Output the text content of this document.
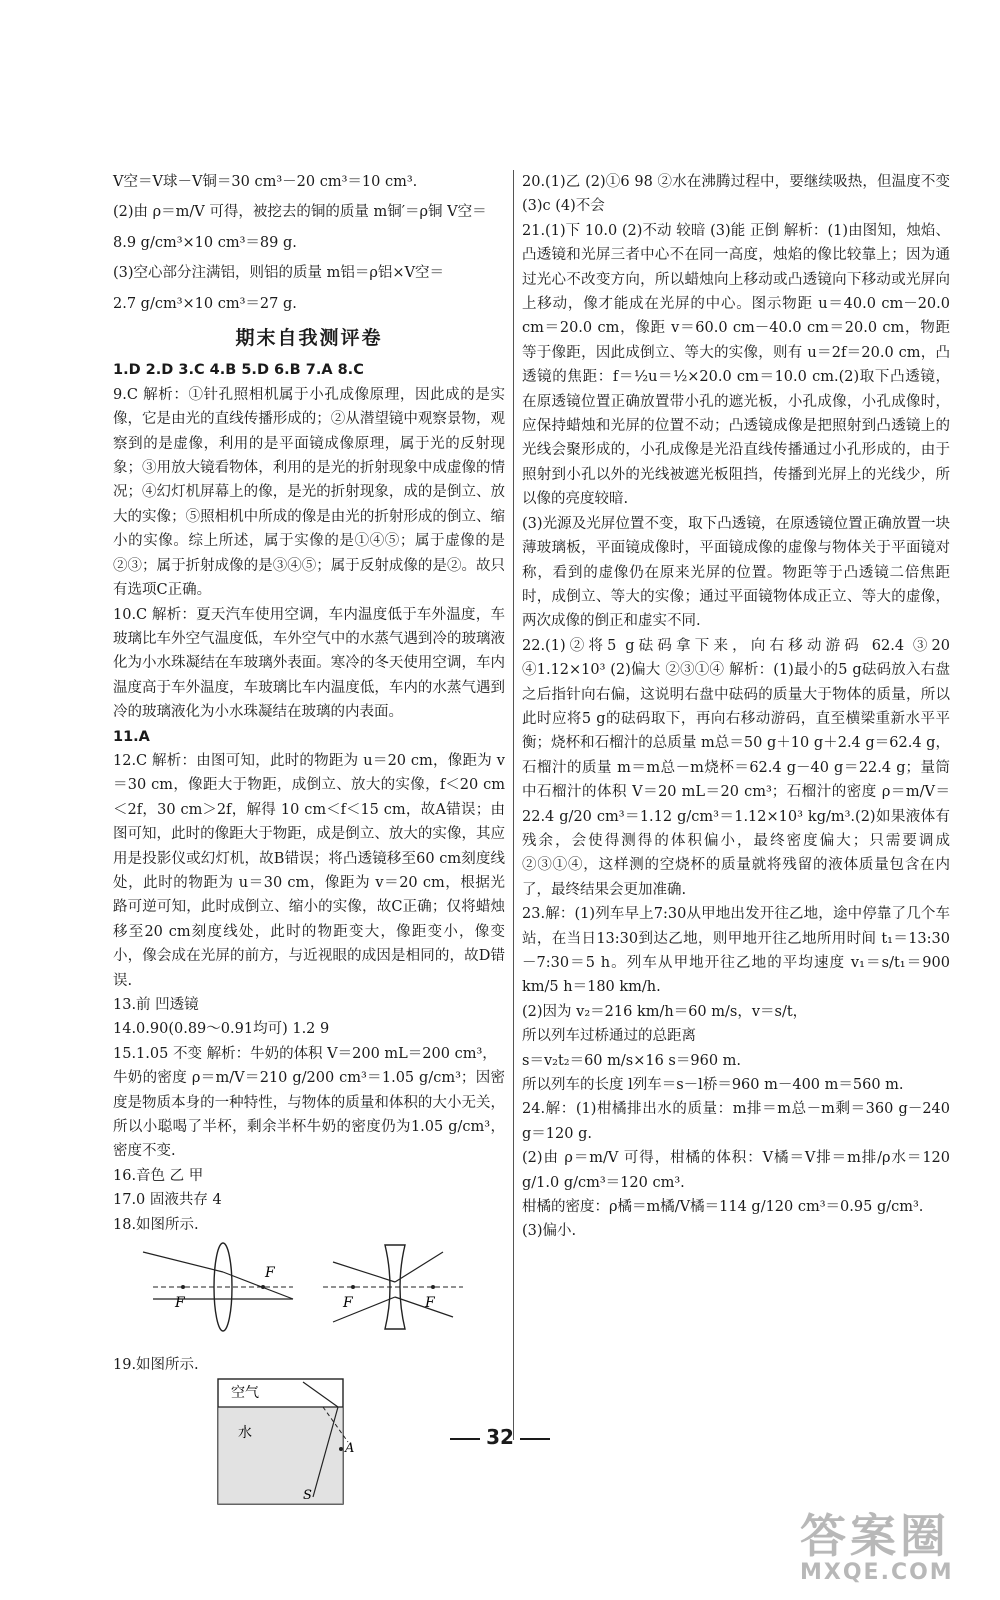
V空＝V球－V铜＝30 cm³－20 cm³＝10 cm³.

(2)由 ρ＝m/V 可得，被挖去的铜的质量 m铜′＝ρ铜 V空＝

8.9 g/cm³×10 cm³＝89 g.

(3)空心部分注满铝，则铝的质量 m铝＝ρ铝×V空＝

2.7 g/cm³×10 cm³＝27 g.

期末自我测评卷

1.D 2.D 3.C 4.B 5.D 6.B 7.A 8.C

9.C 解析：①针孔照相机属于小孔成像原理，因此成的是实像，它是由光的直线传播形成的；②从潜望镜中观察景物，观察到的是虚像，利用的是平面镜成像原理，属于光的反射现象；③用放大镜看物体，利用的是光的折射现象中成虚像的情况；④幻灯机屏幕上的像，是光的折射现象，成的是倒立、放大的实像；⑤照相机中所成的像是由光的折射形成的倒立、缩小的实像。综上所述，属于实像的是①④⑤；属于虚像的是②③；属于折射成像的是③④⑤；属于反射成像的是②。故只有选项C正确。

10.C 解析：夏天汽车使用空调，车内温度低于车外温度，车玻璃比车外空气温度低，车外空气中的水蒸气遇到冷的玻璃液化为小水珠凝结在车玻璃外表面。寒冷的冬天使用空调，车内温度高于车外温度，车玻璃比车内温度低，车内的水蒸气遇到冷的玻璃液化为小水珠凝结在玻璃的内表面。

11.A

12.C 解析：由图可知，此时的物距为 u＝20 cm，像距为 v＝30 cm，像距大于物距，成倒立、放大的实像，f＜20 cm＜2f，30 cm＞2f，解得 10 cm＜f＜15 cm，故A错误；由图可知，此时的像距大于物距，成是倒立、放大的实像，其应用是投影仪或幻灯机，故B错误；将凸透镜移至60 cm刻度线处，此时的物距为 u＝30 cm，像距为 v＝20 cm，根据光路可逆可知，此时成倒立、缩小的实像，故C正确；仅将蜡烛移至20 cm刻度线处，此时的物距变大，像距变小，像变小，像会成在光屏的前方，与近视眼的成因是相同的，故D错误.

13.前 凹透镜

14.0.90(0.89～0.91均可) 1.2 9

15.1.05 不变 解析：牛奶的体积 V＝200 mL＝200 cm³，

牛奶的密度 ρ＝m/V＝210 g/200 cm³＝1.05 g/cm³；因密度是物质本身的一种特性，与物体的质量和体积的大小无关，所以小聪喝了半杯，剩余半杯牛奶的密度仍为1.05 g/cm³，密度不变.

16.音色 乙 甲

17.0 固液共存 4

18.如图所示.

F
F
F	F

19.如图所示.

空气
水
A
S

20.(1)乙 (2)①6 98 ②水在沸腾过程中，要继续吸热，但温度不变 (3)c (4)不会

21.(1)下 10.0 (2)不动 较暗 (3)能 正倒 解析：(1)由图知，烛焰、凸透镜和光屏三者中心不在同一高度，烛焰的像比较靠上；因为通过光心不改变方向，所以蜡烛向上移动或凸透镜向下移动或光屏向上移动，像才能成在光屏的中心。图示物距 u＝40.0 cm－20.0 cm＝20.0 cm，像距 v＝60.0 cm－40.0 cm＝20.0 cm，物距等于像距，因此成倒立、等大的实像，则有 u＝2f＝20.0 cm，凸透镜的焦距：f＝½u＝½×20.0 cm＝10.0 cm.(2)取下凸透镜，在原透镜位置正确放置带小孔的遮光板，小孔成像，小孔成像时，应保持蜡烛和光屏的位置不动；凸透镜成像是把照射到凸透镜上的光线会聚形成的，小孔成像是光沿直线传播通过小孔形成的，由于照射到小孔以外的光线被遮光板阻挡，传播到光屏上的光线少，所以像的亮度较暗.

(3)光源及光屏位置不变，取下凸透镜，在原透镜位置正确放置一块薄玻璃板，平面镜成像时，平面镜成像的虚像与物体关于平面镜对称，看到的虚像仍在原来光屏的位置。物距等于凸透镜二倍焦距时，成倒立、等大的实像；通过平面镜物体成正立、等大的虚像，两次成像的倒正和虚实不同.

22.(1)②将5 g砝码拿下来，向右移动游码 62.4 ③20 ④1.12×10³ (2)偏大 ②③①④ 解析：(1)最小的5 g砝码放入右盘之后指针向右偏，这说明右盘中砝码的质量大于物体的质量，所以此时应将5 g的砝码取下，再向右移动游码，直至横梁重新水平平衡；烧杯和石榴汁的总质量 m总＝50 g＋10 g＋2.4 g＝62.4 g，石榴汁的质量 m＝m总－m烧杯＝62.4 g－40 g＝22.4 g；量筒中石榴汁的体积 V＝20 mL＝20 cm³；石榴汁的密度 ρ＝m/V＝22.4 g/20 cm³＝1.12 g/cm³＝1.12×10³ kg/m³.(2)如果液体有残余，会使得测得的体积偏小，最终密度偏大；只需要调成②③①④，这样测的空烧杯的质量就将残留的液体质量包含在内了，最终结果会更加准确.

23.解：(1)列车早上7:30从甲地出发开往乙地，途中停靠了几个车站，在当日13:30到达乙地，则甲地开往乙地所用时间 t₁＝13:30－7:30＝5 h。列车从甲地开往乙地的平均速度 v₁＝s/t₁＝900 km/5 h＝180 km/h.

(2)因为 v₂＝216 km/h＝60 m/s，v＝s/t，

所以列车过桥通过的总距离

s＝v₂t₂＝60 m/s×16 s＝960 m.

所以列车的长度 l列车＝s－l桥＝960 m－400 m＝560 m.

24.解：(1)柑橘排出水的质量：m排＝m总－m剩＝360 g－240 g＝120 g.

(2)由 ρ＝m/V 可得，柑橘的体积：V橘＝V排＝m排/ρ水＝120 g/1.0 g/cm³＝120 cm³.

柑橘的密度：ρ橘＝m橘/V橘＝114 g/120 cm³＝0.95 g/cm³.

(3)偏小.

32
答案圈
MXQE.COM
